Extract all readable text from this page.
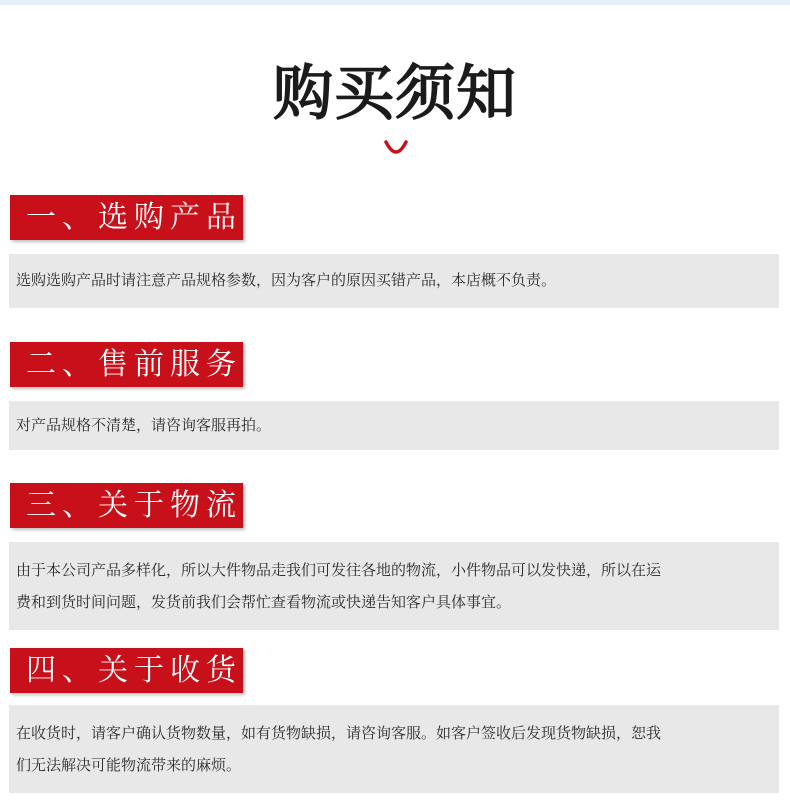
购买须知
一、选购产品

选购选购产品时请注意产品规格参数，因为客户的原因买错产品，本店概不负责。

二、售前服务

对产品规格不清楚，请咨询客服再拍。

三、关于物流

由于本公司产品多样化，所以大件物品走我们可发往各地的物流，小件物品可以发快递，所以在运

费和到货时间问题，发货前我们会帮忙查看物流或快递告知客户具体事宜。

四、关于收货

在收货时，请客户确认货物数量，如有货物缺损，请咨询客服。如客户签收后发现货物缺损，恕我

们无法解决可能物流带来的麻烦。
